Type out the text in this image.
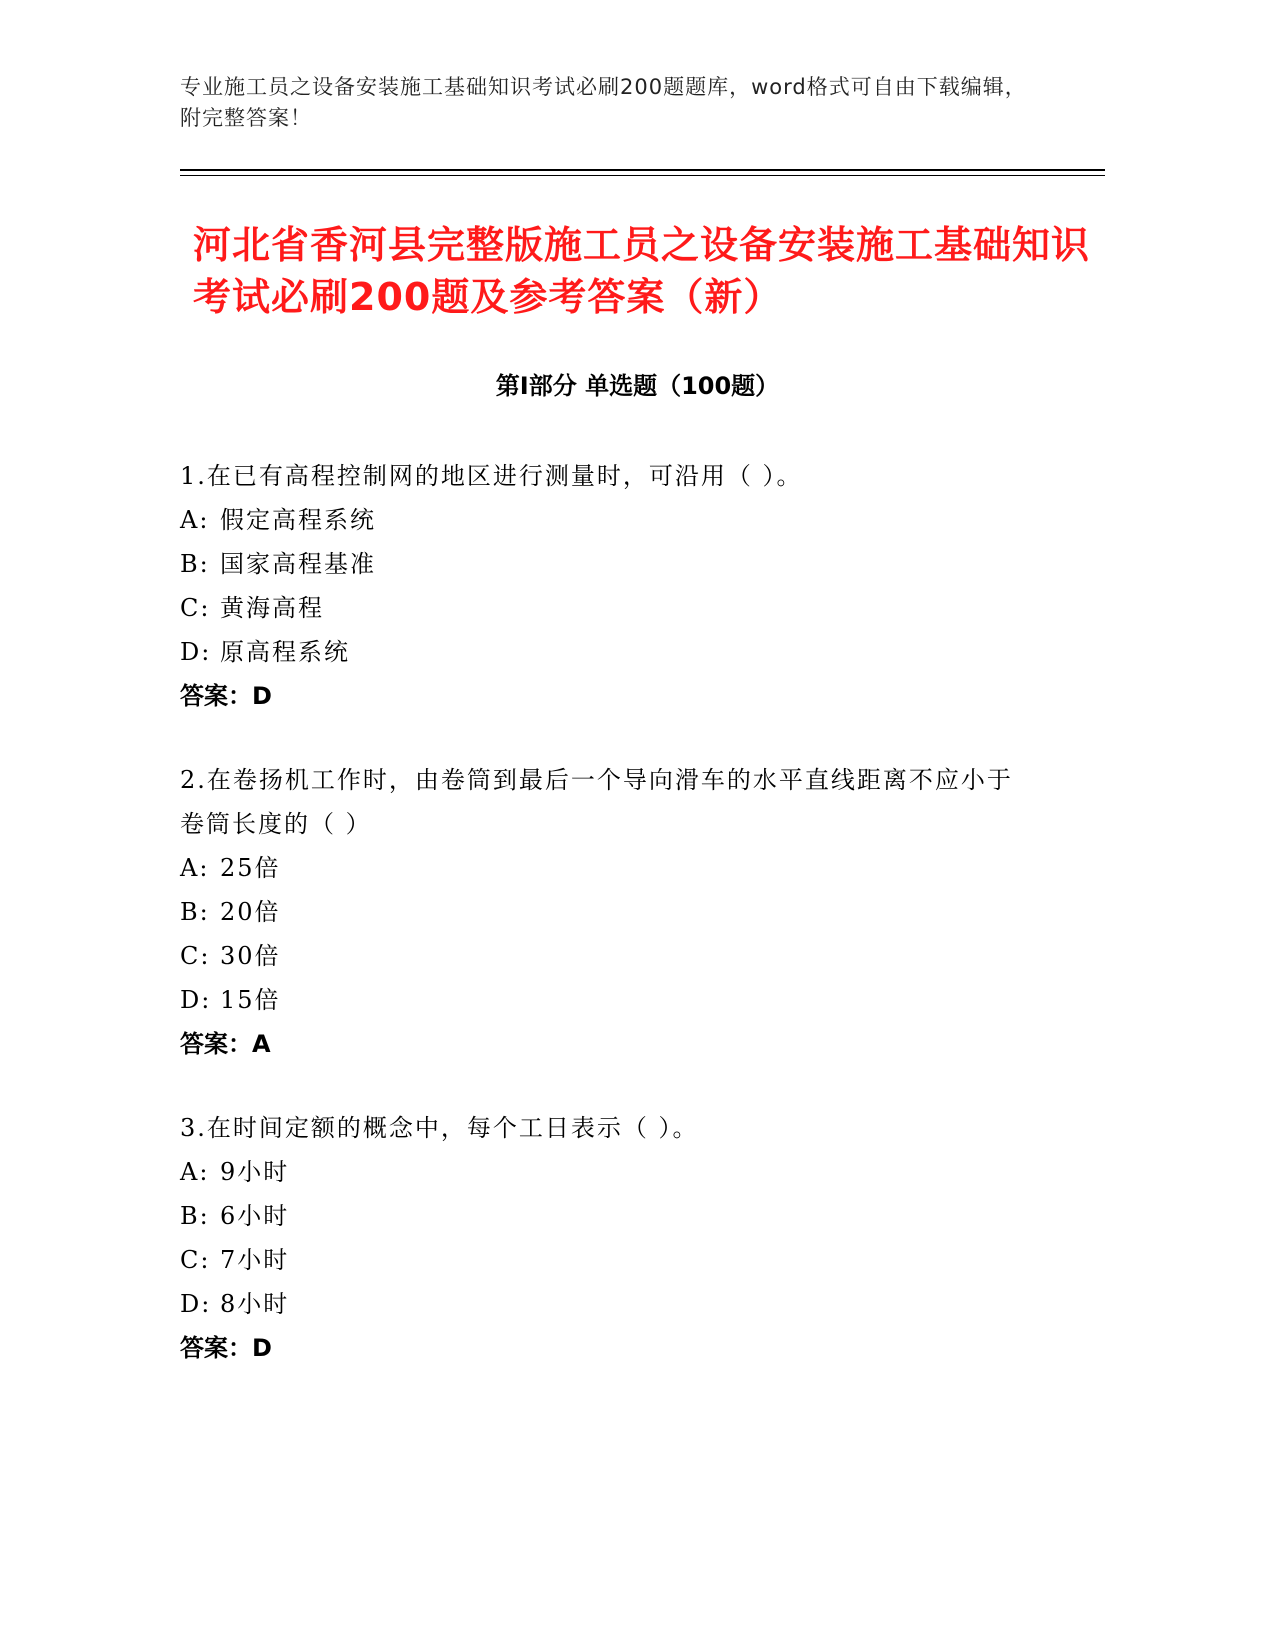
专业施工员之设备安装施工基础知识考试必刷200题题库，word格式可自由下载编辑，附完整答案！
河北省香河县完整版施工员之设备安装施工基础知识考试必刷200题及参考答案（新）
第Ⅰ部分 单选题（100题）
1.在已有高程控制网的地区进行测量时，可沿用（ ）。
A: 假定高程系统
B: 国家高程基准
C: 黄海高程
D: 原高程系统
答案：D
2.在卷扬机工作时，由卷筒到最后一个导向滑车的水平直线距离不应小于卷筒长度的（ ）
A: 25倍
B: 20倍
C: 30倍
D: 15倍
答案：A
3.在时间定额的概念中，每个工日表示（ ）。
A: 9小时
B: 6小时
C: 7小时
D: 8小时
答案：D
